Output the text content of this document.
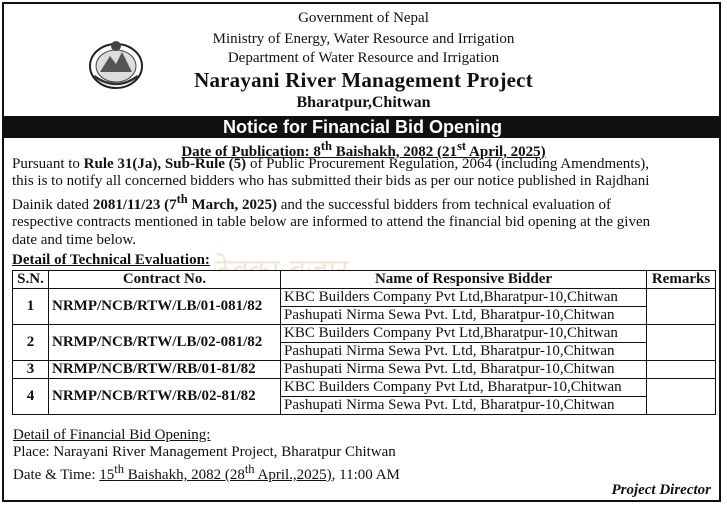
Government of Nepal
Ministry of Energy, Water Resource and Irrigation
Department of Water Resource and Irrigation
Narayani River Management Project
Bharatpur,Chitwan
Notice for Financial Bid Opening
Date of Publication: 8th Baishakh, 2082 (21st April, 2025)
Pursuant to Rule 31(Ja), Sub-Rule (5) of Public Procurement Regulation, 2064 (including Amendments),
this is to notify all concerned bidders who has submitted their bids as per our notice published in Rajdhani
Dainik dated 2081/11/23 (7th March, 2025) and the successful bidders from technical evaluation of
respective contracts mentioned in table below are informed to attend the financial bid opening at the given
date and time below.
Detail of Technical Evaluation:
S.N.	Contract No.	Name of Responsive Bidder	Remarks
1	NRMP/NCB/RTW/LB/01-081/82	KBC Builders Company Pvt Ltd,Bharatpur-10,Chitwan	
		Pashupati Nirma Sewa Pvt. Ltd, Bharatpur-10,Chitwan	
2	NRMP/NCB/RTW/LB/02-081/82	KBC Builders Company Pvt Ltd,Bharatpur-10,Chitwan	
		Pashupati Nirma Sewa Pvt. Ltd, Bharatpur-10,Chitwan	
3	NRMP/NCB/RTW/RB/01-81/82	Pashupati Nirma Sewa Pvt. Ltd, Bharatpur-10,Chitwan	
4	NRMP/NCB/RTW/RB/02-81/82	KBC Builders Company Pvt Ltd, Bharatpur-10,Chitwan	
		Pashupati Nirma Sewa Pvt. Ltd, Bharatpur-10,Chitwan	
Detail of Financial Bid Opening:
Place: Narayani River Management Project, Bharatpur Chitwan
Date & Time: 15th Baishakh, 2082 (28th April.,2025), 11:00 AM
Project Director
